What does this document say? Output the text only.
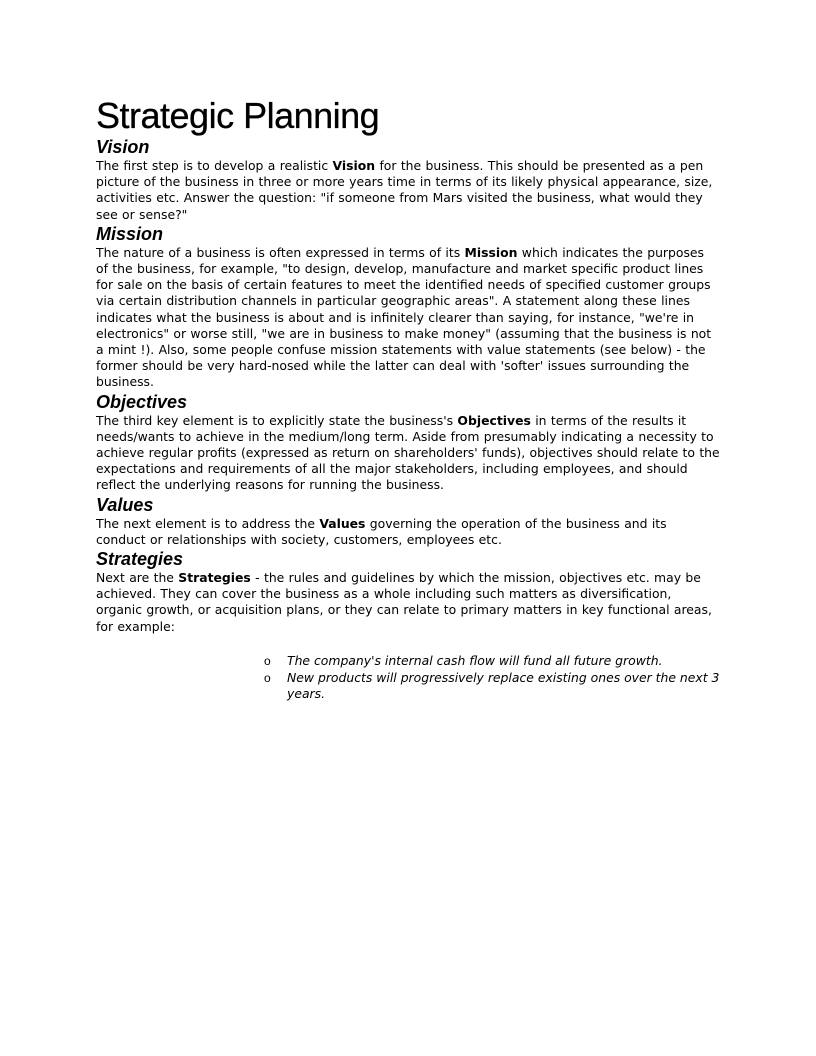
Strategic Planning
Vision

The first step is to develop a realistic Vision for the business. This should be presented as a pen picture of the business in three or more years time in terms of its likely physical appearance, size, activities etc. Answer the question: "if someone from Mars visited the business, what would they see or sense?"

Mission

The nature of a business is often expressed in terms of its Mission which indicates the purposes of the business, for example, "to design, develop, manufacture and market specific product lines for sale on the basis of certain features to meet the identified needs of specified customer groups via certain distribution channels in particular geographic areas". A statement along these lines indicates what the business is about and is infinitely clearer than saying, for instance, "we're in electronics" or worse still, "we are in business to make money" (assuming that the business is not a mint !). Also, some people confuse mission statements with value statements (see below) - the former should be very hard-nosed while the latter can deal with 'softer' issues surrounding the business.

Objectives

The third key element is to explicitly state the business's Objectives in terms of the results it needs/wants to achieve in the medium/long term. Aside from presumably indicating a necessity to achieve regular profits (expressed as return on shareholders' funds), objectives should relate to the expectations and requirements of all the major stakeholders, including employees, and should reflect the underlying reasons for running the business.

Values

The next element is to address the Values governing the operation of the business and its conduct or relationships with society, customers, employees etc.

Strategies

Next are the Strategies - the rules and guidelines by which the mission, objectives etc. may be achieved. They can cover the business as a whole including such matters as diversification, organic growth, or acquisition plans, or they can relate to primary matters in key functional areas, for example:

o The company's internal cash flow will fund all future growth.
o New products will progressively replace existing ones over the next 3 years.
